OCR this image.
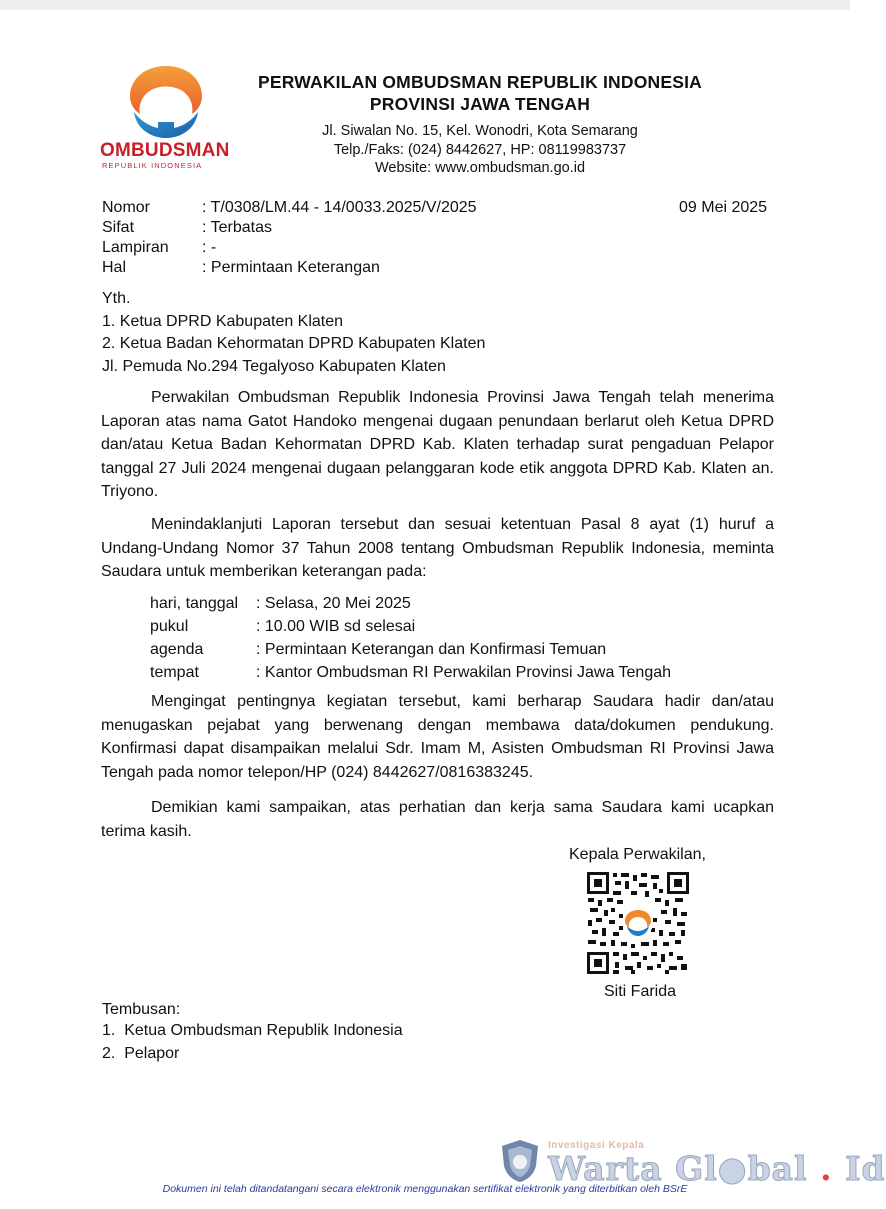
OMBUDSMAN
REPUBLIK INDONESIA
PERWAKILAN OMBUDSMAN REPUBLIK INDONESIA
PROVINSI JAWA TENGAH
Jl. Siwalan No. 15, Kel. Wonodri, Kota Semarang
Telp./Faks: (024) 8442627, HP: 08119983737
Website: www.ombudsman.go.id
Nomor	: T/0308/LM.44 - 14/0033.2025/V/2025
Sifat	: Terbatas
Lampiran : -
Hal	: Permintaan Keterangan
09 Mei 2025
Yth.
1. Ketua DPRD Kabupaten Klaten
2. Ketua Badan Kehormatan DPRD Kabupaten Klaten
Jl. Pemuda No.294 Tegalyoso Kabupaten Klaten
Perwakilan Ombudsman Republik Indonesia Provinsi Jawa Tengah telah menerima Laporan atas nama Gatot Handoko mengenai dugaan penundaan berlarut oleh Ketua DPRD dan/atau Ketua Badan Kehormatan DPRD Kab. Klaten terhadap surat pengaduan Pelapor tanggal 27 Juli 2024 mengenai dugaan pelanggaran kode etik anggota DPRD Kab. Klaten an. Triyono.
Menindaklanjuti Laporan tersebut dan sesuai ketentuan Pasal 8 ayat (1) huruf a Undang-Undang Nomor 37 Tahun 2008 tentang Ombudsman Republik Indonesia, meminta Saudara untuk memberikan keterangan pada:
hari, tanggal : Selasa, 20 Mei 2025
pukul	: 10.00 WIB sd selesai
agenda	: Permintaan Keterangan dan Konfirmasi Temuan
tempat	: Kantor Ombudsman RI Perwakilan Provinsi Jawa Tengah
Mengingat pentingnya kegiatan tersebut, kami berharap Saudara hadir dan/atau menugaskan pejabat yang berwenang dengan membawa data/dokumen pendukung. Konfirmasi dapat disampaikan melalui Sdr. Imam M, Asisten Ombudsman RI Provinsi Jawa Tengah pada nomor telepon/HP (024) 8442627/0816383245.
Demikian kami sampaikan, atas perhatian dan kerja sama Saudara kami ucapkan terima kasih.
Kepala Perwakilan,
Siti Farida
Tembusan:
1.  Ketua Ombudsman Republik Indonesia
2.  Pelapor
Investigasi Kepala
Warta Gl●bal . Id
Dokumen ini telah ditandatangani secara elektronik menggunakan sertifikat elektronik yang diterbitkan oleh BSrE
